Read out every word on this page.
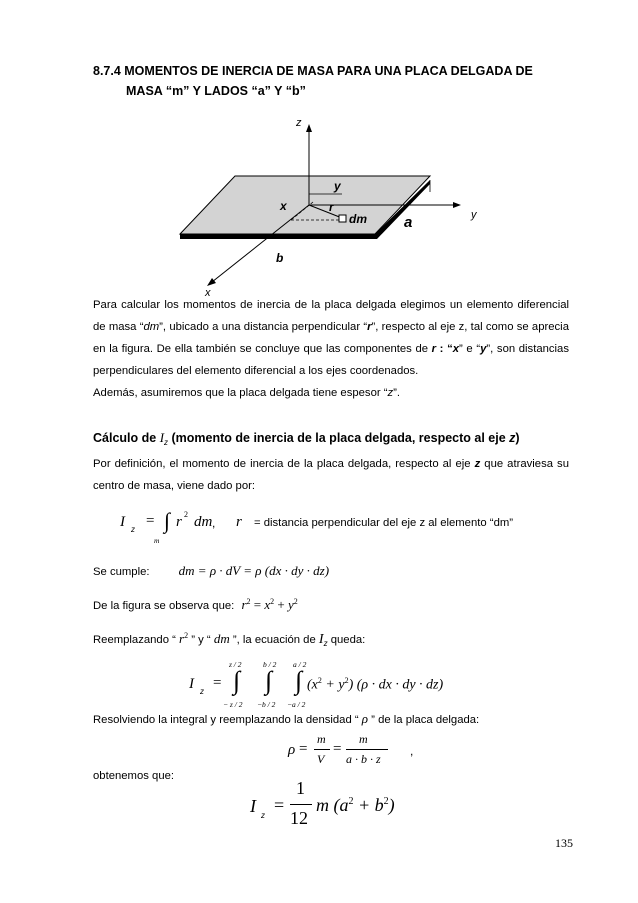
8.7.4 MOMENTOS DE INERCIA DE MASA PARA UNA PLACA DELGADA DE
MASA “m” Y LADOS “a” Y “b”
z
y
x
y
x	r
dm a
b
Para calcular los momentos de inercia de la placa delgada elegimos un elemento diferencial de masa “dm”, ubicado a una distancia perpendicular “r”, respecto al eje z, tal como se aprecia en la figura. De ella también se concluye que las componentes de r : “x” e “y”, son distancias perpendiculares del elemento diferencial a los ejes coordenados.
Además, asumiremos que la placa delgada tiene espesor “z”.
Cálculo de $I_z$ (momento de inercia de la placa delgada, respecto al eje z)
Por definición, el momento de inercia de la placa delgada, respecto al eje z que atraviesa su centro de masa, viene dado por:
I z
= ∫
m
r 2 dm , r = distancia perpendicular del eje z al elemento “dm”
Se cumple: dm = ρ · dV = ρ (dx · dy · dz)
De la figura se observa que: $r^2 = x^2 + y^2$
Reemplazando “ $r^2$ ” y “ dm ”, la ecuación de $I_z$ queda:
I z
=
z / 2
∫
− z / 2
b / 2
∫
−b / 2
a / 2
∫
−a / 2
$(x^2 + y^2) (\rho$ · dx · dy · dz)
Resolviendo la integral y reemplazando la densidad “ ρ ” de la placa delgada:
ρ =
m
V
=
m
a · b · z
,
obtenemos que:
I z
=
1
12
m $(a^2 + b^2)$
135
